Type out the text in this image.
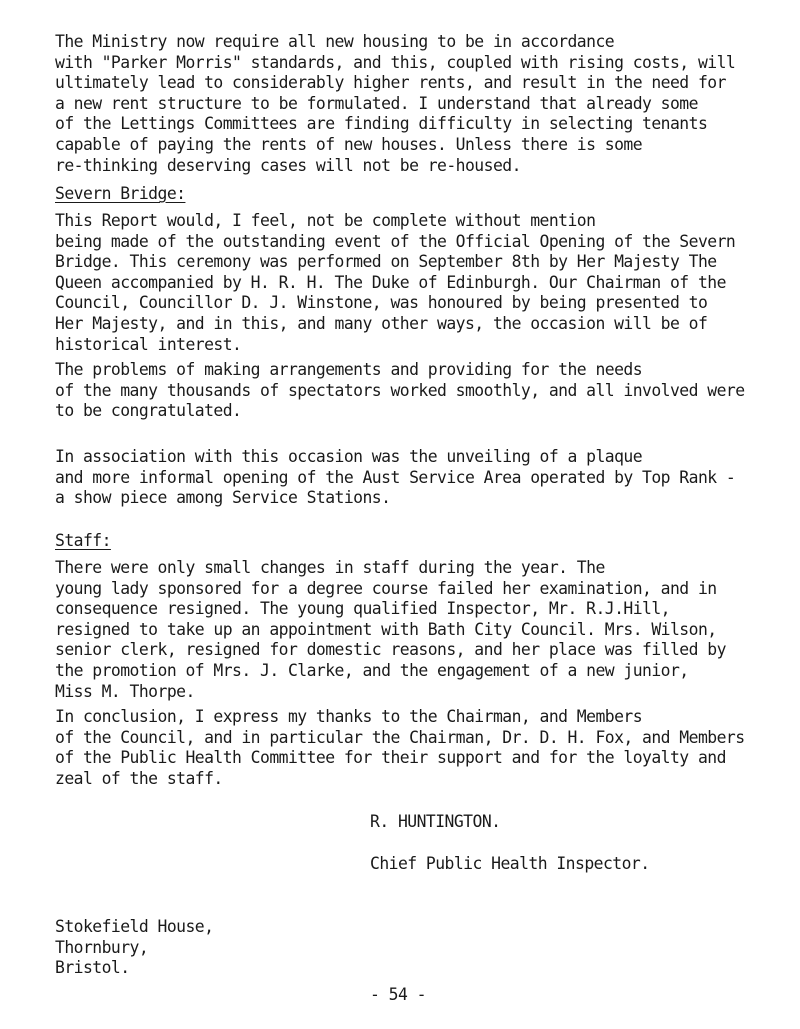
The Ministry now require all new housing to be in accordance
with "Parker Morris" standards, and this, coupled with rising costs, will
ultimately lead to considerably higher rents, and result in the need for
a new rent structure to be formulated. I understand that already some
of the Lettings Committees are finding difficulty in selecting tenants
capable of paying the rents of new houses. Unless there is some
re-thinking deserving cases will not be re-housed.
Severn Bridge:
This Report would, I feel, not be complete without mention
being made of the outstanding event of the Official Opening of the Severn
Bridge. This ceremony was performed on September 8th by Her Majesty The
Queen accompanied by H. R. H. The Duke of Edinburgh. Our Chairman of the
Council, Councillor D. J. Winstone, was honoured by being presented to
Her Majesty, and in this, and many other ways, the occasion will be of
historical interest.
The problems of making arrangements and providing for the needs
of the many thousands of spectators worked smoothly, and all involved were
to be congratulated.
In association with this occasion was the unveiling of a plaque
and more informal opening of the Aust Service Area operated by Top Rank -
a show piece among Service Stations.
Staff:
There were only small changes in staff during the year. The
young lady sponsored for a degree course failed her examination, and in
consequence resigned. The young qualified Inspector, Mr. R.J.Hill,
resigned to take up an appointment with Bath City Council. Mrs. Wilson,
senior clerk, resigned for domestic reasons, and her place was filled by
the promotion of Mrs. J. Clarke, and the engagement of a new junior,
Miss M. Thorpe.
In conclusion, I express my thanks to the Chairman, and Members
of the Council, and in particular the Chairman, Dr. D. H. Fox, and Members
of the Public Health Committee for their support and for the loyalty and
zeal of the staff.
R. HUNTINGTON.
Chief Public Health Inspector.
Stokefield House,
Thornbury,
Bristol.
- 54 -
